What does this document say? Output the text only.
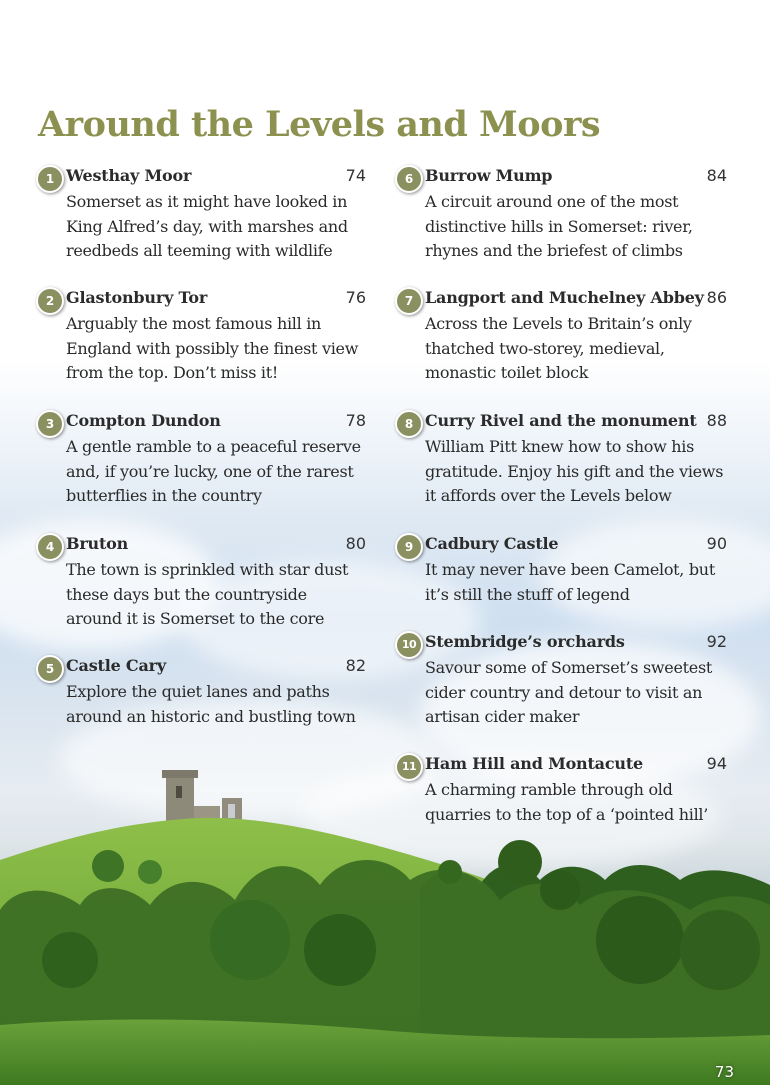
Around the Levels and Moors
1 Westhay Moor	74

Somerset as it might have looked in King Alfred’s day, with marshes and reedbeds all teeming with wildlife

2 Glastonbury Tor	76

Arguably the most famous hill in England with possibly the finest view from the top. Don’t miss it!

3 Compton Dundon	78

A gentle ramble to a peaceful reserve and, if you’re lucky, one of the rarest butterflies in the country

4 Bruton	80

The town is sprinkled with star dust these days but the countryside around it is Somerset to the core

5 Castle Cary	82

Explore the quiet lanes and paths around an historic and bustling town

6 Burrow Mump	84

A circuit around one of the most distinctive hills in Somerset: river, rhynes and the briefest of climbs

7 Langport and Muchelney Abbey 86

Across the Levels to Britain’s only thatched two-storey, medieval, monastic toilet block

8 Curry Rivel and the monument 88

William Pitt knew how to show his gratitude. Enjoy his gift and the views it affords over the Levels below

9 Cadbury Castle	90

It may never have been Camelot, but it’s still the stuff of legend

10 Stembridge’s orchards	92

Savour some of Somerset’s sweetest cider country and detour to visit an artisan cider maker

11 Ham Hill and Montacute	94

A charming ramble through old quarries to the top of a ‘pointed hill’

73
